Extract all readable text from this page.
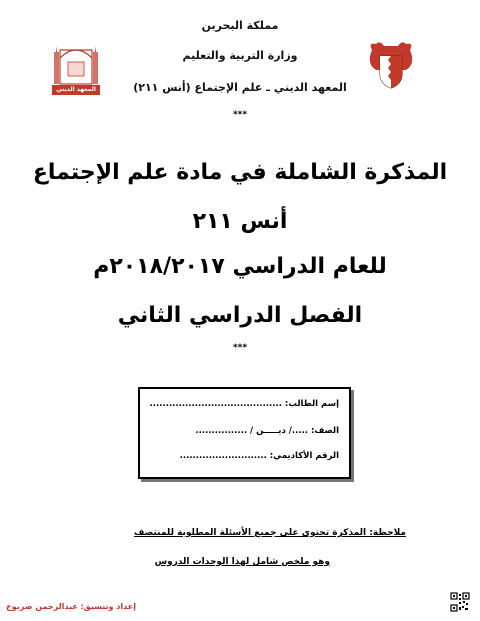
المعهد الديني
مملكة البحرين
وزارة التربية والتعليم
المعهد الديني ـ علم الإجتماع (أنس ٢١١)
***
المذكرة الشاملة في مادة علم الإجتماع
أنس ٢١١
للعام الدراسي ٢٠١٨/٢٠١٧م
الفصل الدراسي الثاني
***
إسم الطالب: .........................................
الصف: ...../ ديـــــن / ................
الرقم الأكاديمي: ...........................
ملاحظة: المذكرة تحتوى على جميع الأسئلة المطلوبة للمنتصف
وهو ملخص شامل لهذا الوحدات الدروس
إعداد وتنسيق: عبدالرحمن صربوخ
